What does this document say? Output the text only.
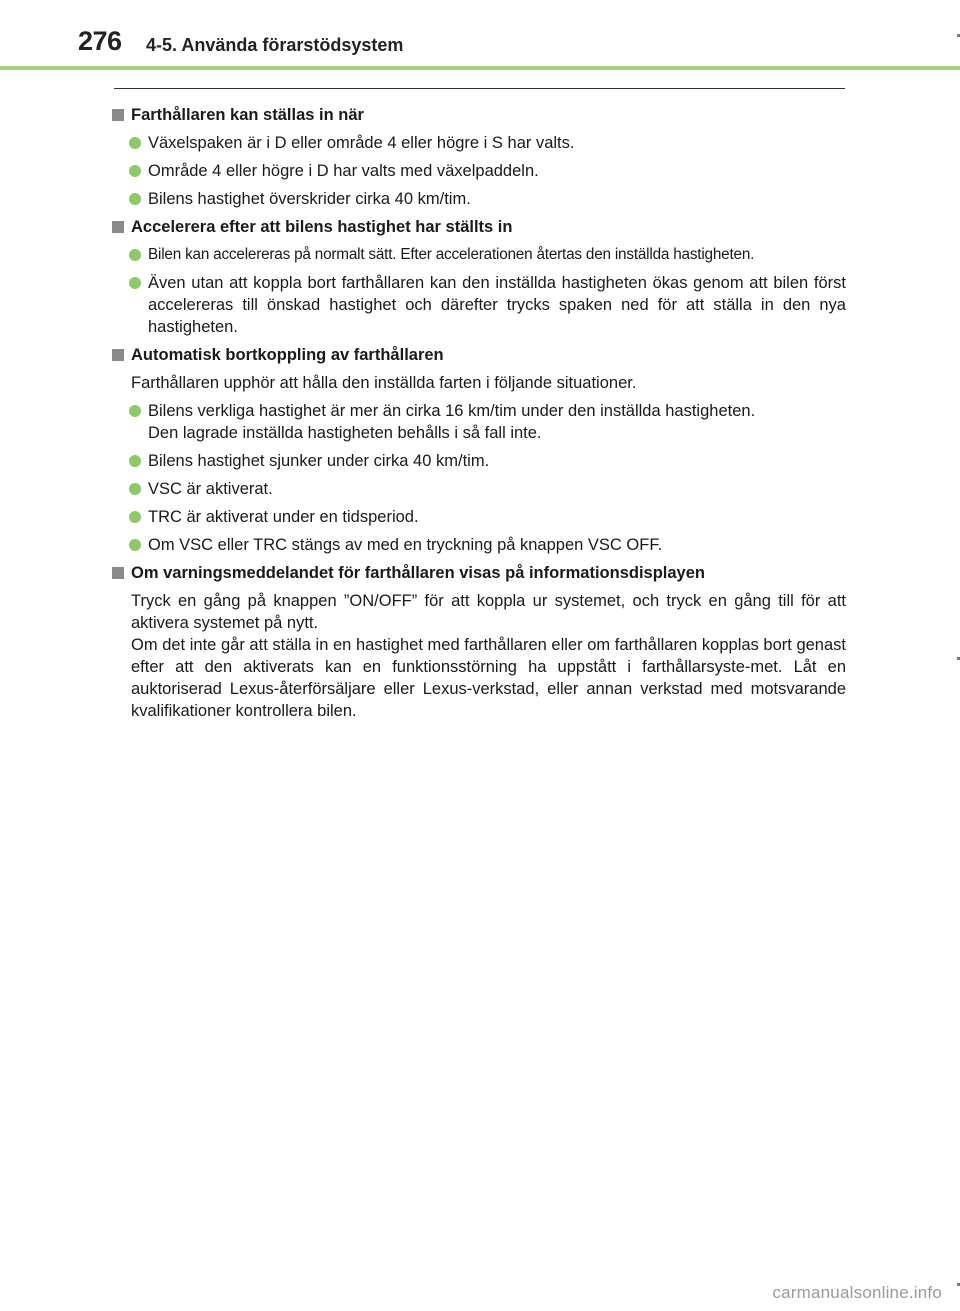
276 4-5. Använda förarstödsystem
Farthållaren kan ställas in när
Växelspaken är i D eller område 4 eller högre i S har valts.
Område 4 eller högre i D har valts med växelpaddeln.
Bilens hastighet överskrider cirka 40 km/tim.
Accelerera efter att bilens hastighet har ställts in
Bilen kan accelereras på normalt sätt. Efter accelerationen återtas den inställda hastigheten.
Även utan att koppla bort farthållaren kan den inställda hastigheten ökas genom att bilen först accelereras till önskad hastighet och därefter trycks spaken ned för att ställa in den nya hastigheten.
Automatisk bortkoppling av farthållaren
Farthållaren upphör att hålla den inställda farten i följande situationer.
Bilens verkliga hastighet är mer än cirka 16 km/tim under den inställda hastigheten.
Den lagrade inställda hastigheten behålls i så fall inte.
Bilens hastighet sjunker under cirka 40 km/tim.
VSC är aktiverat.
TRC är aktiverat under en tidsperiod.
Om VSC eller TRC stängs av med en tryckning på knappen VSC OFF.
Om varningsmeddelandet för farthållaren visas på informationsdisplayen
Tryck en gång på knappen ”ON/OFF” för att koppla ur systemet, och tryck en gång till för att aktivera systemet på nytt.
Om det inte går att ställa in en hastighet med farthållaren eller om farthållaren kopplas bort genast efter att den aktiverats kan en funktionsstörning ha uppstått i farthållarsyste-met. Låt en auktoriserad Lexus-återförsäljare eller Lexus-verkstad, eller annan verkstad med motsvarande kvalifikationer kontrollera bilen.
carmanualsonline.info
